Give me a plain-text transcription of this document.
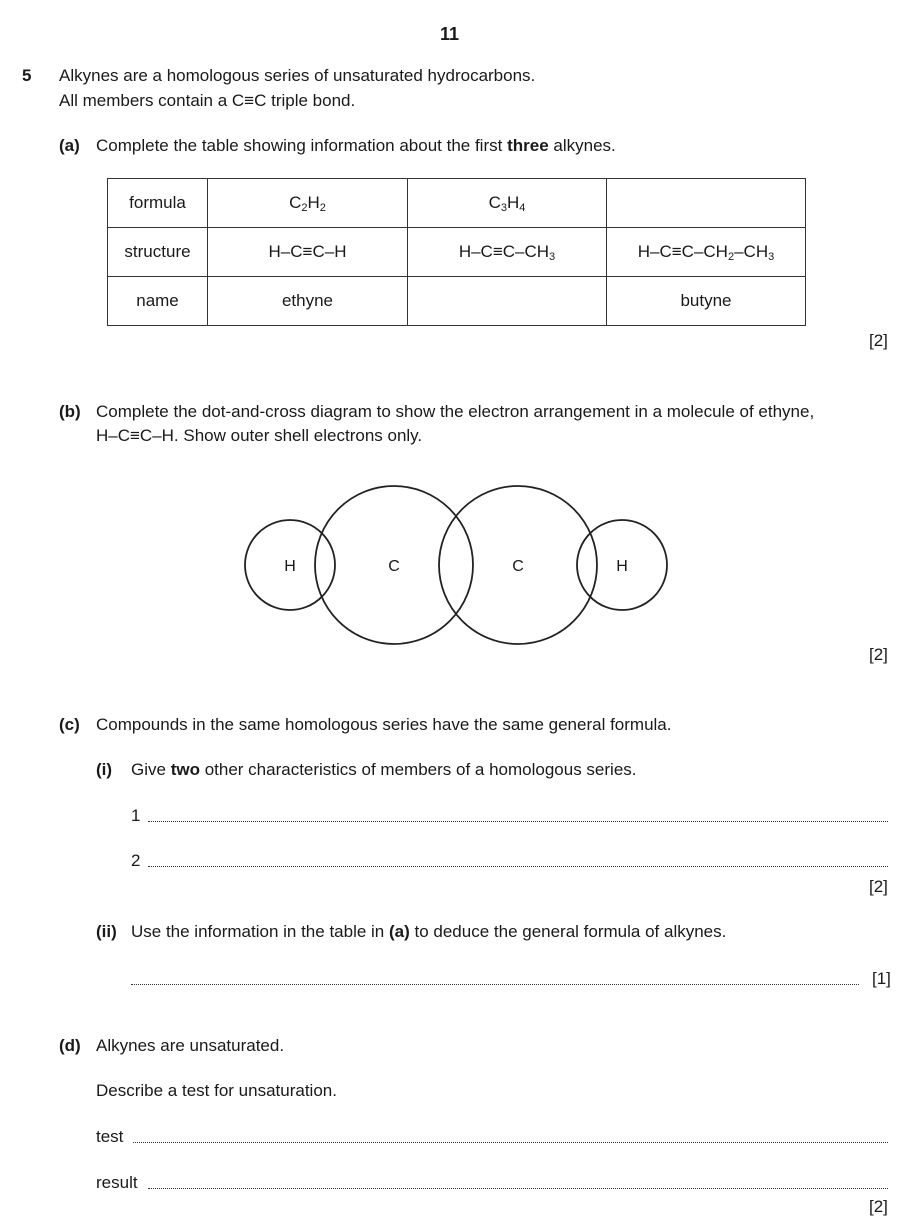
11
5 Alkynes are a homologous series of unsaturated hydrocarbons.
All members contain a C≡C triple bond.
(a) Complete the table showing information about the first three alkynes.
formula	$C_2H_2$	$C_3H_4$	
structure	H–C≡C–H	$H-C\equiv C-CH_3$	$H-C\equiv C-CH_2-CH_3$
name	ethyne		butyne
[2]
(b) Complete the dot-and-cross diagram to show the electron arrangement in a molecule of ethyne,
H–C≡C–H. Show outer shell electrons only.
H	C	C	H
[2]
(c) Compounds in the same homologous series have the same general formula.
(i) Give two other characteristics of members of a homologous series.
1
2
[2]
(ii) Use the information in the table in (a) to deduce the general formula of alkynes.
[1]
(d) Alkynes are unsaturated.
Describe a test for unsaturation.
test
result
[2]
